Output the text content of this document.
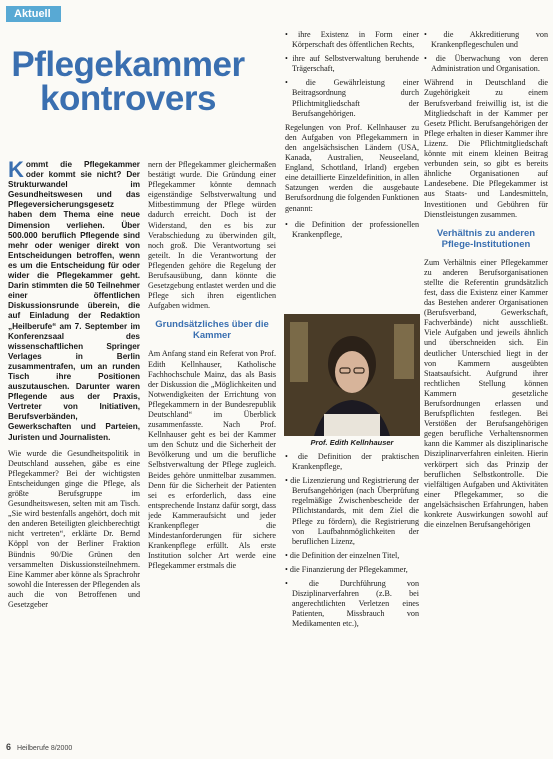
Aktuell
Pflegekammer kontrovers

K ommt die Pflegekammer oder kommt sie nicht? Der Strukturwandel im Gesundheitswesen und das Pflegeversicherungsgesetz haben dem Thema eine neue Dimension verliehen. Über 500.000 beruflich Pflegende sind mehr oder weniger direkt von Entscheidungen betroffen, wenn es um die Entscheidung für oder wider die Pflegekammer geht. Darin stimmten die 50 Teilnehmer einer öffentlichen Diskussionsrunde überein, die auf Einladung der Redaktion „Heilberufe“ am 7. September im Konferenzsaal des wissenschaftlichen Springer Verlages in Berlin zusammentrafen, um an runden Tisch ihre Positionen auszutauschen. Darunter waren Pflegende aus der Praxis, Vertreter von Initiativen, Berufsverbänden, Gewerkschaften und Parteien, Juristen und Journalisten.

Wie wurde die Gesundheitspolitik in Deutschland aussehen, gäbe es eine Pflegekammer? Bei der wichtigsten Entscheidungen ginge die Pflege, als größte Berufsgruppe im Gesundheitswesen, selten mit am Tisch. „Sie wird bestenfalls angehört, doch mit den anderen Beteiligten gleichberechtigt nicht vertreten“, erklärte Dr. Bernd Köppl von der Berliner Fraktion Bündnis 90/Die Grünen den versammelten Diskussionsteilnehmern. Eine Kammer aber könne als Sprachrohr sowohl die Interessen der Pflegenden als auch die von Betroffenen und Gesetzgeber

nern der Pflegekammer gleichermaßen bestätigt wurde. Die Gründung einer Pflegekammer könnte demnach eigenständige Selbstverwaltung und Mitbestimmung der Pflege würden dadurch erreicht. Doch ist der Widerstand, den es bis zur Verabschiedung zu überwinden gilt, noch groß. Die Verantwortung sei geteilt. In die Verantwortung der Pflegenden gehöre die Regelung der Berufsausübung, dann könnte die Gesetzgebung entlastet werden und die Pflege sich ihren eigentlichen Aufgaben widmen.

Grundsätzliches über die Kammer

Am Anfang stand ein Referat von Prof. Edith Kellnhauser, Katholische Fachhochschule Mainz, das als Basis der Diskussion die „Möglichkeiten und Notwendigkeiten der Errichtung von Pflegekammern in der Bundesrepublik Deutschland“ im Überblick zusammenfasste. Nach Prof. Kellnhauser geht es bei der Kammer um den Schutz und die Sicherheit der Bevölkerung und um die berufliche Selbstverwaltung der Pflege zugleich. Beides gehöre unmittelbar zusammen. Denn für die Sicherheit der Patienten sei es erforderlich, dass eine entsprechende Instanz dafür sorgt, dass jede Kammeraufsicht und jeder Krankenpfleger die Mindestanforderungen für sichere Krankenpflege erfüllt. Als erste Institution solcher Art werde eine Pflegekammer erstmals die

• ihre Existenz in Form einer Körperschaft des öffentlichen Rechts,
• ihre auf Selbstverwaltung beruhende Trägerschaft,
• die Gewährleistung einer Beitragsordnung durch Pflichtmitgliedschaft der Berufsangehörigen.

Regelungen von Prof. Kellnhauser zu den Aufgaben von Pflegekammern in den angelsächsischen Ländern (USA, Kanada, Australien, Neuseeland, England, Schottland, Irland) ergeben eine detaillierte Einzeldefinition, in allen Satzungen werden die ausgebaute Berufsordnung die folgenden Funktionen genannt:

• die Definition der professionellen Krankenpflege,
Prof. Edith Kellnhauser
• die Definition der praktischen Krankenpflege,
• die Lizenzierung und Registrierung der Berufsangehörigen (nach Überprüfung regelmäßige Zwischenbescheide der Pflichtstandards, mit dem Ziel die Pflege zu fördern), die Registrierung von Laufbahnmöglichkeiten der beruflichen Lizenz,
• die Definition der einzelnen Titel,
• die Finanzierung der Pflegekammer,
• die Durchführung von Disziplinarverfahren (z.B. bei angerechtlichten Verletzen eines Patienten, Missbrauch von Medikamenten etc.),
• die Akkreditierung von Krankenpflegeschulen und
• die Überwachung von deren Administration und Organisation.

Während in Deutschland die Zugehörigkeit zu einem Berufsverband freiwillig ist, ist die Mitgliedschaft in der Kammer per Gesetz Pflicht. Berufsangehörigen der Pflege erhalten in dieser Kammer ihre Lizenz. Die Pflichtmitgliedschaft könnte mit einem kleinen Beitrag verbunden sein, so gibt es bereits ähnliche Organisationen auf Landesebene. Die Pflegekammer ist aus Staats- und Landesmitteln, Investitionen und Gebühren für Dienstleistungen zusammen.

Verhältnis zu anderen Pflege-Institutionen

Zum Verhältnis einer Pflegekammer zu anderen Berufsorganisationen stellte die Referentin grundsätzlich fest, dass die Existenz einer Kammer das Bestehen anderer Organisationen (Berufsverband, Gewerkschaft, Fachverbände) nicht ausschließt. Viele Aufgaben und jeweils ähnlich und überschneiden sich. Ein deutlicher Unterschied liegt in der von Kammern ausgeübten Staatsaufsicht. Aufgrund ihrer rechtlichen Stellung können Kammern gesetzliche Berufsordnungen erlassen und Berufspflichten festlegen. Bei Verstößen der Berufsangehörigen gegen berufliche Verhaltensnormen kann die Kammer als disziplinarische Disziplinarverfahren einleiten. Hierin verkörpert sich das Prinzip der beruflichen Selbstkontrolle. Die vielfältigen Aufgaben und Aktivitäten einer Pflegekammer, so die angelsächsischen Erfahrungen, haben konkrete Auswirkungen sowohl auf die einzelnen Berufsangehörigen

6 Heilberufe 8/2000
